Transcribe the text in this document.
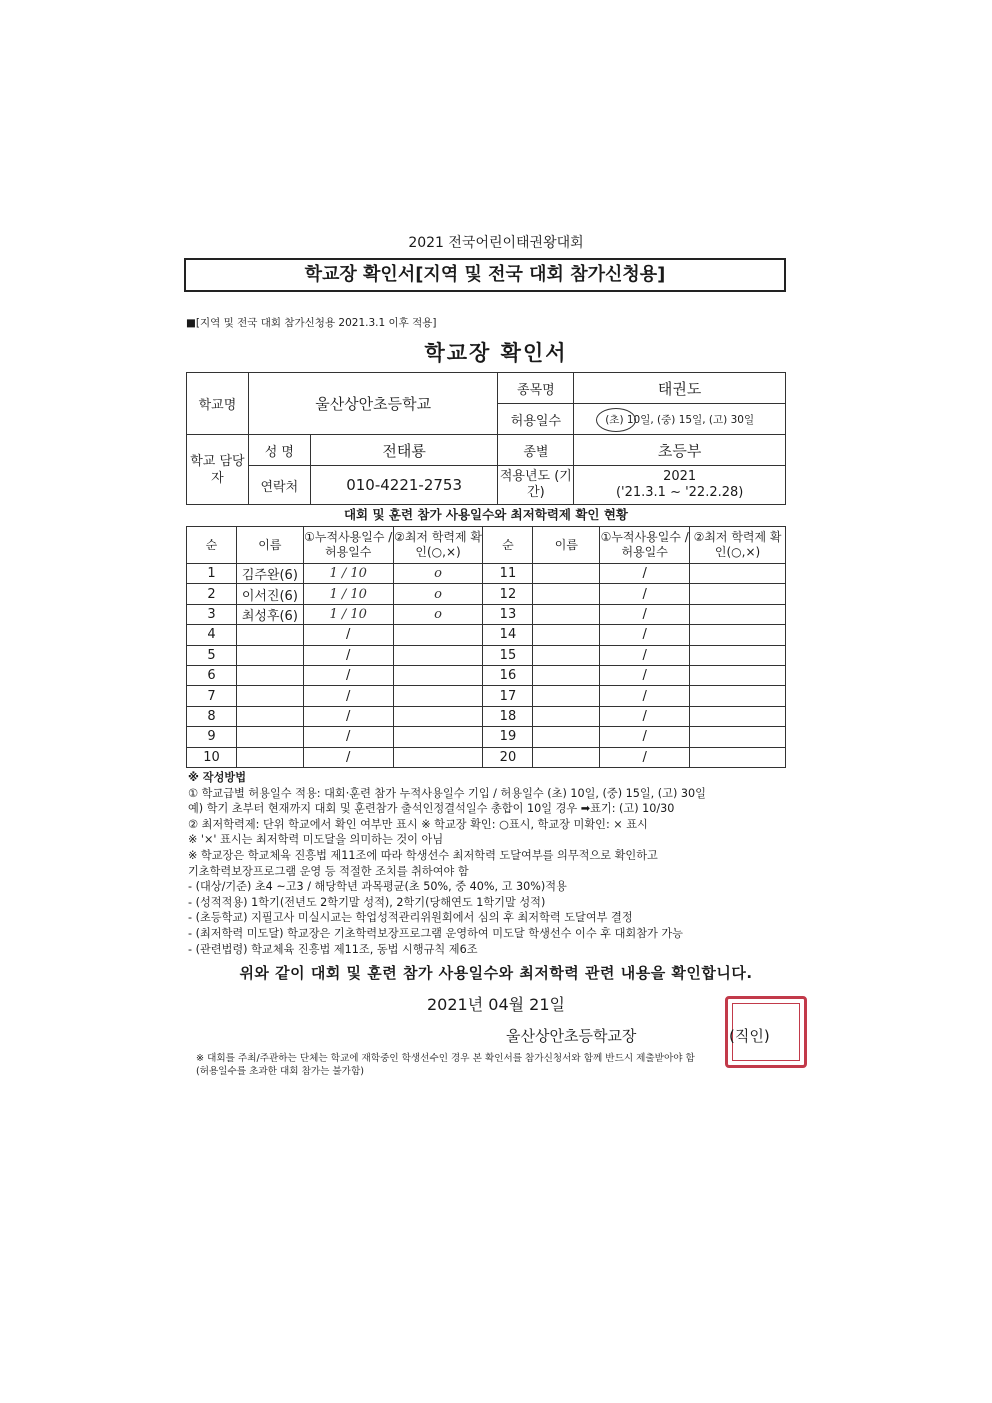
2021 전국어린이태권왕대회
학교장 확인서[지역 및 전국 대회 참가신청용]
■[지역 및 전국 대회 참가신청용 2021.3.1 이후 적용]
학교장 확인서
학교명	울산상안초등학교		종목명	태권도
			허용일수	(초) 10일, (중) 15일, (고) 30일

학교 담당자	성 명	전태룡	종별	초등부
	연락처	010-4221-2753	적용년도 (기간)	2021
('21.3.1 ~ '22.2.28)
대회 및 훈련 참가 사용일수와 최저학력제 확인 현황
순	이름	①누적사용일수 /허용일수	②최저 학력제 확인(○,×)	순	이름	①누적사용일수 /허용일수	②최저 학력제 확인(○,×)
1	김주완(6)	1 / 10	o	11		/	
2	이서진(6)	1 / 10	o	12		/	
3	최성후(6)	1 / 10	o	13		/	
4		/		14		/	
5		/		15		/	
6		/		16		/	
7		/		17		/	
8		/		18		/	
9		/		19		/	
10		/		20		/	
※ 작성방법
① 학교급별 허용일수 적용: 대회·훈련 참가 누적사용일수 기입 / 허용일수 (초) 10일, (중) 15일, (고) 30일
예) 학기 초부터 현재까지 대회 및 훈련참가 출석인정결석일수 총합이 10일 경우 ➡표기: (고) 10/30
② 최저학력제: 단위 학교에서 확인 여부만 표시 ※ 학교장 확인: ○표시, 학교장 미확인: × 표시
※ '×' 표시는 최저학력 미도달을 의미하는 것이 아님
※ 학교장은 학교체육 진흥법 제11조에 따라 학생선수 최저학력 도달여부를 의무적으로 확인하고
기초학력보장프로그램 운영 등 적절한 조치를 취하여야 함
- (대상/기준) 초4 ~고3 / 해당학년 과목평균(초 50%, 중 40%, 고 30%)적용
- (성적적용) 1학기(전년도 2학기말 성적), 2학기(당해연도 1학기말 성적)
- (초등학교) 지필고사 미실시교는 학업성적관리위원회에서 심의 후 최저학력 도달여부 결정
- (최저학력 미도달) 학교장은 기초학력보장프로그램 운영하여 미도달 학생선수 이수 후 대회참가 가능
- (관련법령) 학교체육 진흥법 제11조, 동법 시행규칙 제6조
위와 같이 대회 및 훈련 참가 사용일수와 최저학력 관련 내용을 확인합니다.
2021년 04월 21일
울산상안초등학교장	(직인)
※ 대회를 주최/주관하는 단체는 학교에 재학중인 학생선수인 경우 본 확인서를 참가신청서와 함께 반드시 제출받아야 함
(허용일수를 초과한 대회 참가는 불가함)
